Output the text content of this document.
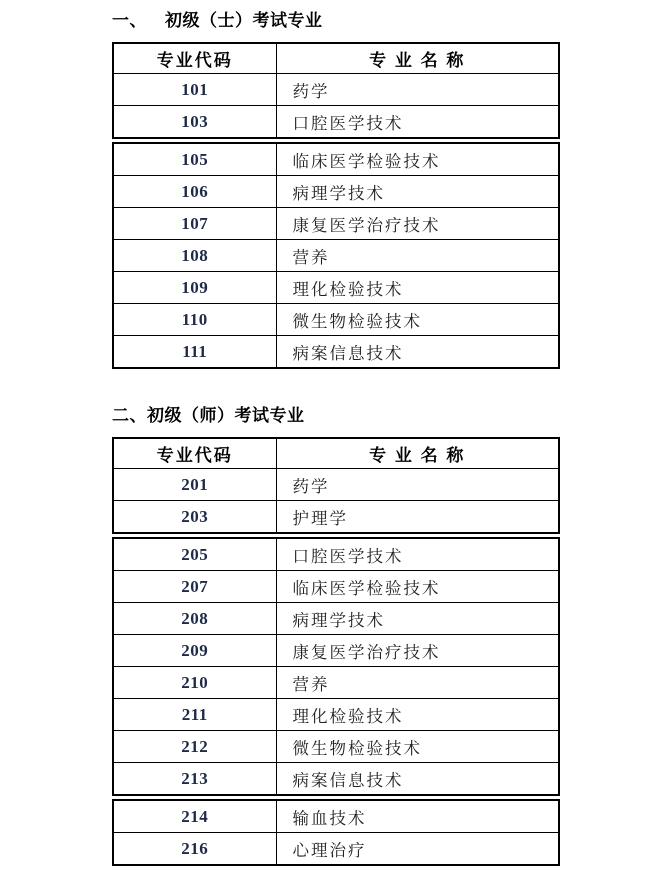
一、 初级（士）考试专业
专业代码	专 业 名 称
101	药学
103	口腔医学技术
105	临床医学检验技术
106	病理学技术
107	康复医学治疗技术
108	营养
109	理化检验技术
110	微生物检验技术
111	病案信息技术
二、初级（师）考试专业
专业代码	专 业 名 称
201	药学
203	护理学
205	口腔医学技术
207	临床医学检验技术
208	病理学技术
209	康复医学治疗技术
210	营养
211	理化检验技术
212	微生物检验技术
213	病案信息技术
214	输血技术
216	心理治疗
